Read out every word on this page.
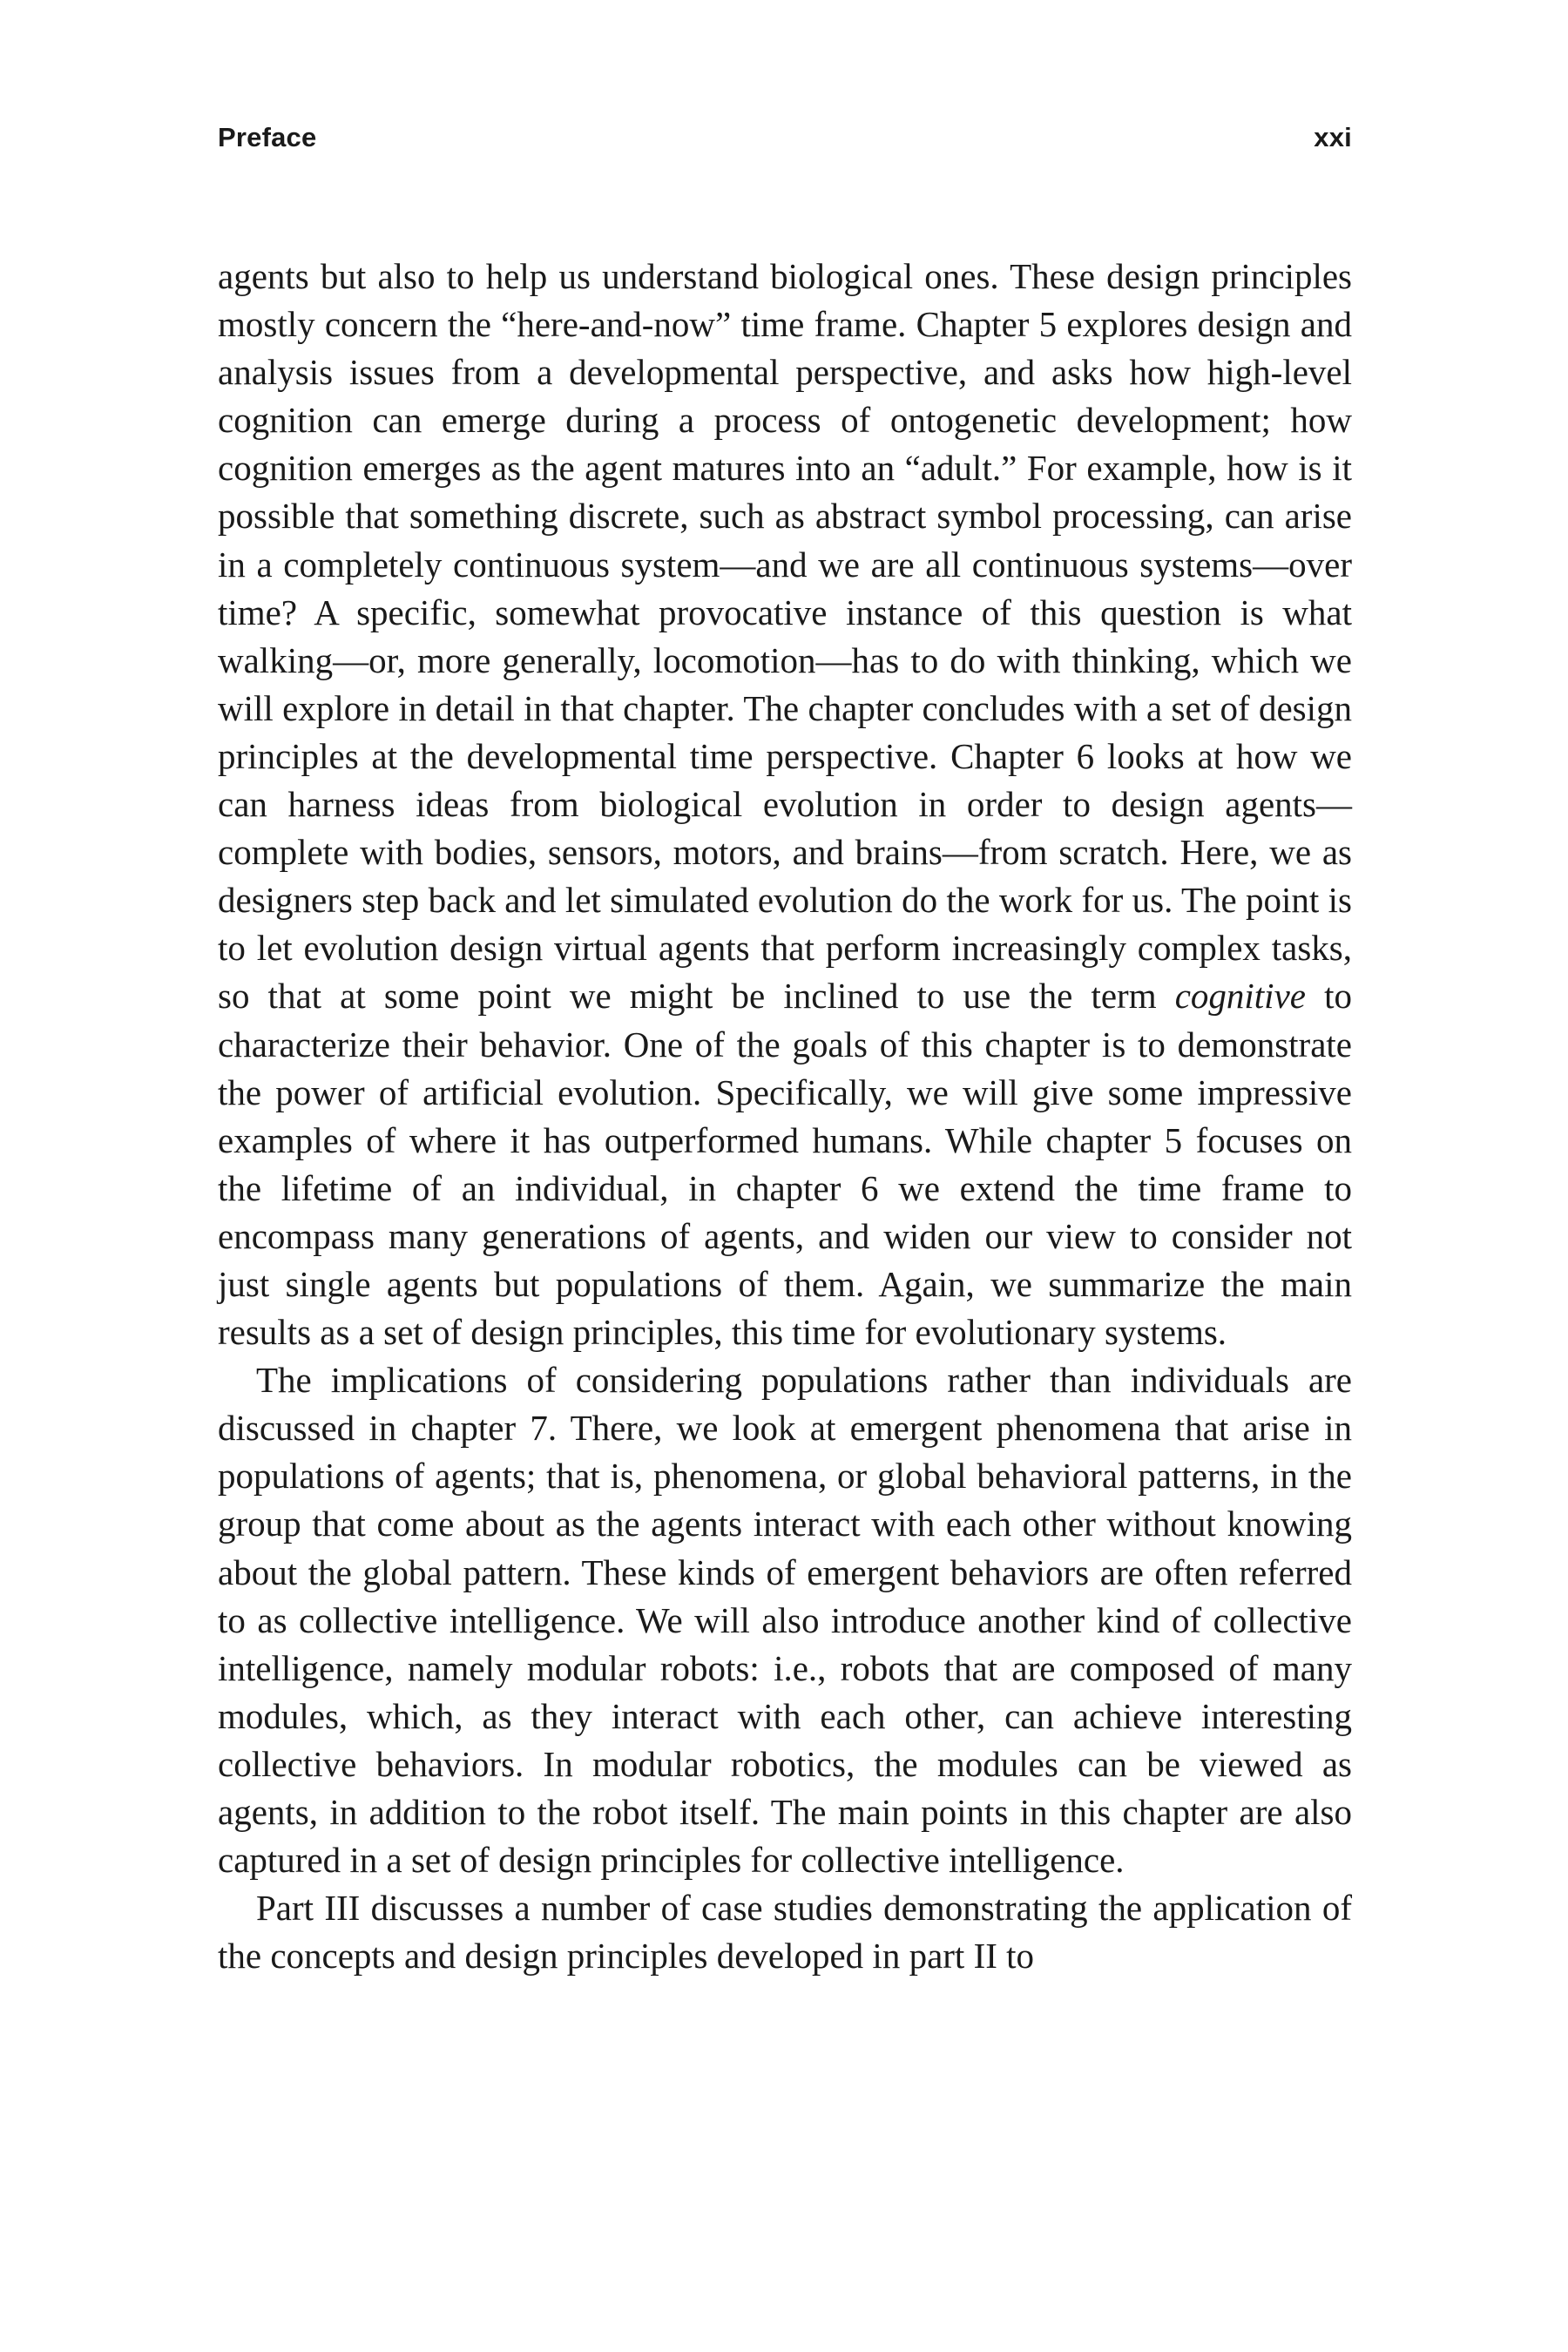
Preface	xxi

agents but also to help us understand biological ones. These design principles mostly concern the “here-and-now” time frame. Chapter 5 explores design and analysis issues from a developmental perspective, and asks how high-level cognition can emerge during a process of ontogenetic development; how cognition emerges as the agent matures into an “adult.” For example, how is it possible that something discrete, such as abstract symbol processing, can arise in a completely continuous system—and we are all continuous systems—over time? A specific, somewhat provocative instance of this question is what walking—or, more generally, locomotion—has to do with thinking, which we will explore in detail in that chapter. The chapter concludes with a set of design principles at the developmental time perspective. Chapter 6 looks at how we can harness ideas from biological evolution in order to design agents—complete with bodies, sensors, motors, and brains—from scratch. Here, we as designers step back and let simulated evolution do the work for us. The point is to let evolution design virtual agents that perform increasingly complex tasks, so that at some point we might be inclined to use the term cognitive to characterize their behavior. One of the goals of this chapter is to demonstrate the power of artificial evolution. Specifically, we will give some impressive examples of where it has outperformed humans. While chapter 5 focuses on the lifetime of an individual, in chapter 6 we extend the time frame to encompass many generations of agents, and widen our view to consider not just single agents but populations of them. Again, we summarize the main results as a set of design principles, this time for evolutionary systems.

The implications of considering populations rather than individuals are discussed in chapter 7. There, we look at emergent phenomena that arise in populations of agents; that is, phenomena, or global behavioral patterns, in the group that come about as the agents interact with each other without knowing about the global pattern. These kinds of emergent behaviors are often referred to as collective intelligence. We will also introduce another kind of collective intelligence, namely modular robots: i.e., robots that are composed of many modules, which, as they interact with each other, can achieve interesting collective behaviors. In modular robotics, the modules can be viewed as agents, in addition to the robot itself. The main points in this chapter are also captured in a set of design principles for collective intelligence.

Part III discusses a number of case studies demonstrating the application of the concepts and design principles developed in part II to
